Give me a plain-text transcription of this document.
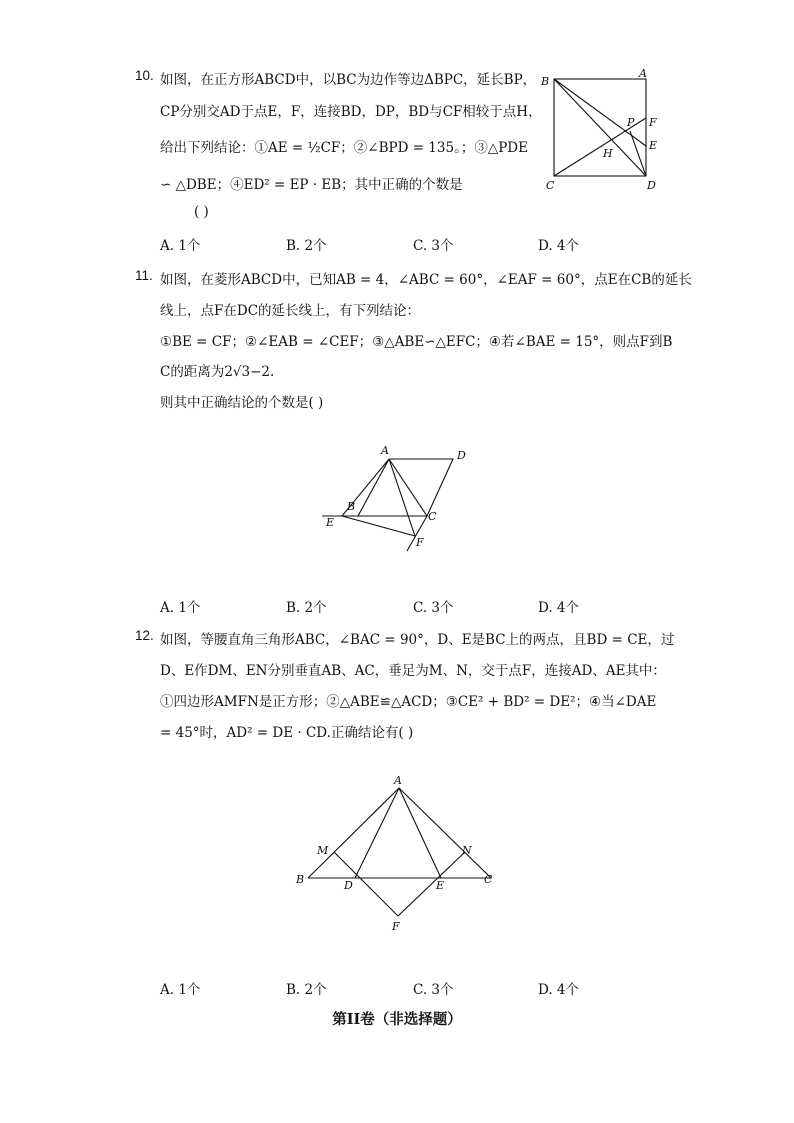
10. 如图，在正方形ABCD中，以BC为边作等边ΔBPC，延长BP，
CP分别交AD于点E，F，连接BD，DP，BD与CF相较于点H，
给出下列结论：①AE = ½CF；②∠BPD = 135。；③△PDE
∽ △DBE；④ED² = EP · EB；其中正确的个数是
( )
B
A
C	D
E
F
P
H
A. 1个	B. 2个	C. 3个	D. 4个
11. 如图，在菱形ABCD中，已知AB = 4，∠ABC = 60°，∠EAF = 60°，点E在CB的延长
线上，点F在DC的延长线上，有下列结论：
①BE = CF；②∠EAB = ∠CEF；③△ABE∽△EFC；④若∠BAE = 15°，则点F到B
C的距离为2√3−2.
则其中正确结论的个数是( )
A	D
B
E	C
F
A. 1个	B. 2个	C. 3个	D. 4个
12. 如图，等腰直角三角形ABC，∠BAC = 90°，D、E是BC上的两点，且BD = CE，过
D、E作DM、EN分别垂直AB、AC，垂足为M、N，交于点F，连接AD、AE其中：
①四边形AMFN是正方形；②△ABE≌△ACD；③CE² + BD² = DE²；④当∠DAE
= 45°时，AD² = DE · CD.正确结论有( )
A
B	C
D	E
F
M	N
A. 1个	B. 2个	C. 3个	D. 4个
第II卷（非选择题）
